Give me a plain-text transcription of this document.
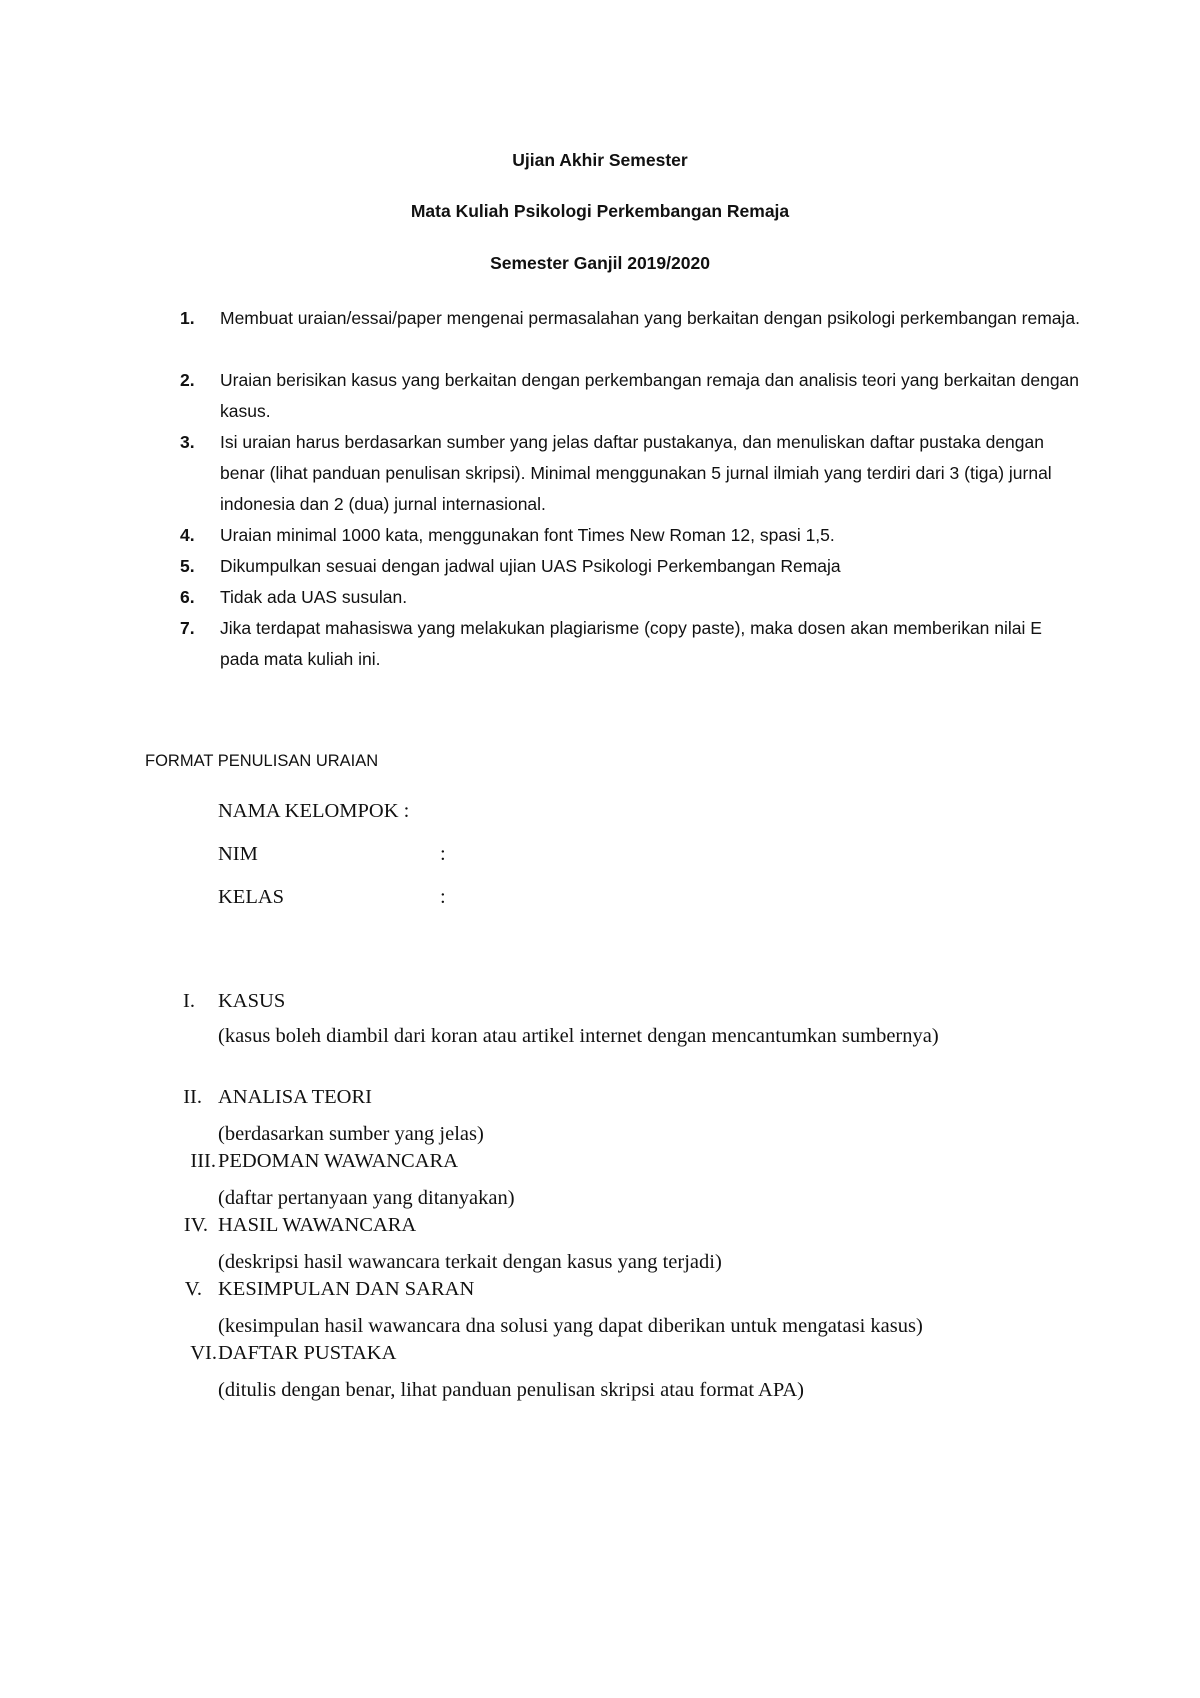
Ujian Akhir Semester
Mata Kuliah Psikologi Perkembangan Remaja
Semester Ganjil 2019/2020
1.	Membuat uraian/essai/paper mengenai permasalahan yang berkaitan dengan psikologi perkembangan remaja.
2.	Uraian berisikan kasus yang berkaitan dengan perkembangan remaja dan analisis teori yang berkaitan dengan kasus.
3.	Isi uraian harus berdasarkan sumber yang jelas daftar pustakanya, dan menuliskan daftar pustaka dengan benar (lihat panduan penulisan skripsi). Minimal menggunakan 5 jurnal ilmiah yang terdiri dari 3 (tiga) jurnal indonesia dan 2 (dua) jurnal internasional.
4.	Uraian minimal 1000 kata, menggunakan font Times New Roman 12, spasi 1,5.
5.	Dikumpulkan sesuai dengan jadwal ujian UAS Psikologi Perkembangan Remaja
6.	Tidak ada UAS susulan.
7.	Jika terdapat mahasiswa yang melakukan plagiarisme (copy paste), maka dosen akan memberikan nilai E pada mata kuliah ini.
FORMAT PENULISAN URAIAN
NAMA KELOMPOK :
NIM	:
KELAS	:
I. KASUS
(kasus boleh diambil dari koran atau artikel internet dengan mencantumkan sumbernya)
II. ANALISA TEORI
(berdasarkan sumber yang jelas)
III. PEDOMAN WAWANCARA
(daftar pertanyaan yang ditanyakan)
IV. HASIL WAWANCARA
(deskripsi hasil wawancara terkait dengan kasus yang terjadi)
V. KESIMPULAN DAN SARAN
(kesimpulan hasil wawancara dna solusi yang dapat diberikan untuk mengatasi kasus)
VI. DAFTAR PUSTAKA
(ditulis dengan benar, lihat panduan penulisan skripsi atau format APA)
